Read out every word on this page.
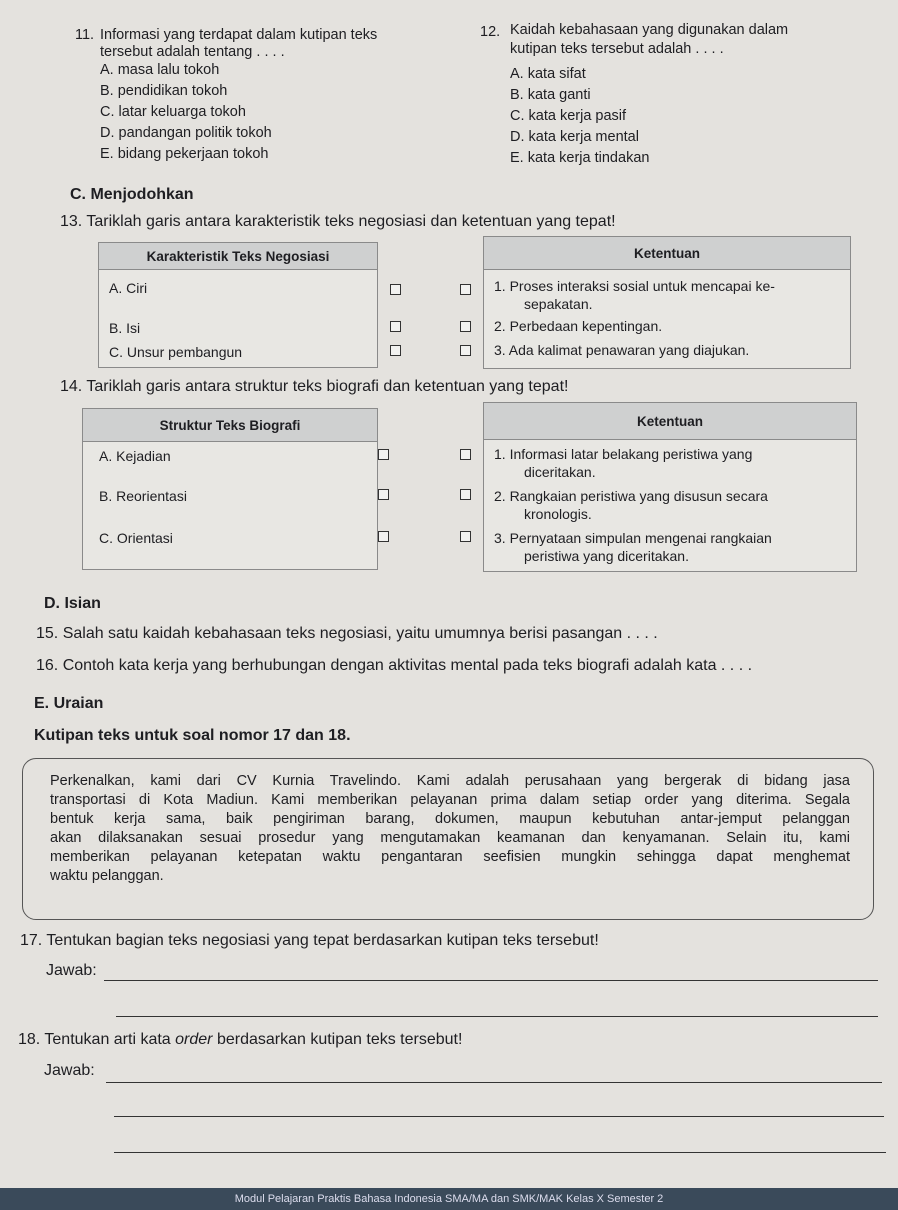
11. Informasi yang terdapat dalam kutipan teks
tersebut adalah tentang . . . .
A. masa lalu tokoh
B. pendidikan tokoh
C. latar keluarga tokoh
D. pandangan politik tokoh
E. bidang pekerjaan tokoh
12. Kaidah kebahasaan yang digunakan dalam
kutipan teks tersebut adalah . . . .
A. kata sifat
B. kata ganti
C. kata kerja pasif
D. kata kerja mental
E. kata kerja tindakan
C. Menjodohkan
13. Tariklah garis antara karakteristik teks negosiasi dan ketentuan yang tepat!
Karakteristik Teks Negosiasi
A. Ciri
B. Isi
C. Unsur pembangun
Ketentuan
1. Proses interaksi sosial untuk mencapai ke-
sepakatan.
2. Perbedaan kepentingan.
3. Ada kalimat penawaran yang diajukan.
14. Tariklah garis antara struktur teks biografi dan ketentuan yang tepat!
Struktur Teks Biografi
A. Kejadian
B. Reorientasi
C. Orientasi
Ketentuan
1. Informasi latar belakang peristiwa yang
diceritakan.
2. Rangkaian peristiwa yang disusun secara
kronologis.
3. Pernyataan simpulan mengenai rangkaian
peristiwa yang diceritakan.
D. Isian
15. Salah satu kaidah kebahasaan teks negosiasi, yaitu umumnya berisi pasangan . . . .
16. Contoh kata kerja yang berhubungan dengan aktivitas mental pada teks biografi adalah kata . . . .
E. Uraian
Kutipan teks untuk soal nomor 17 dan 18.
Perkenalkan, kami dari CV Kurnia Travelindo. Kami adalah perusahaan yang bergerak di bidang jasa
transportasi di Kota Madiun. Kami memberikan pelayanan prima dalam setiap order yang diterima. Segala
bentuk kerja sama, baik pengiriman barang, dokumen, maupun kebutuhan antar-jemput pelanggan
akan dilaksanakan sesuai prosedur yang mengutamakan keamanan dan kenyamanan. Selain itu, kami
memberikan pelayanan ketepatan waktu pengantaran seefisien mungkin sehingga dapat menghemat
waktu pelanggan.
17. Tentukan bagian teks negosiasi yang tepat berdasarkan kutipan teks tersebut!
Jawab:
18. Tentukan arti kata order berdasarkan kutipan teks tersebut!
Jawab:
Modul Pelajaran Praktis Bahasa Indonesia SMA/MA dan SMK/MAK Kelas X Semester 2
